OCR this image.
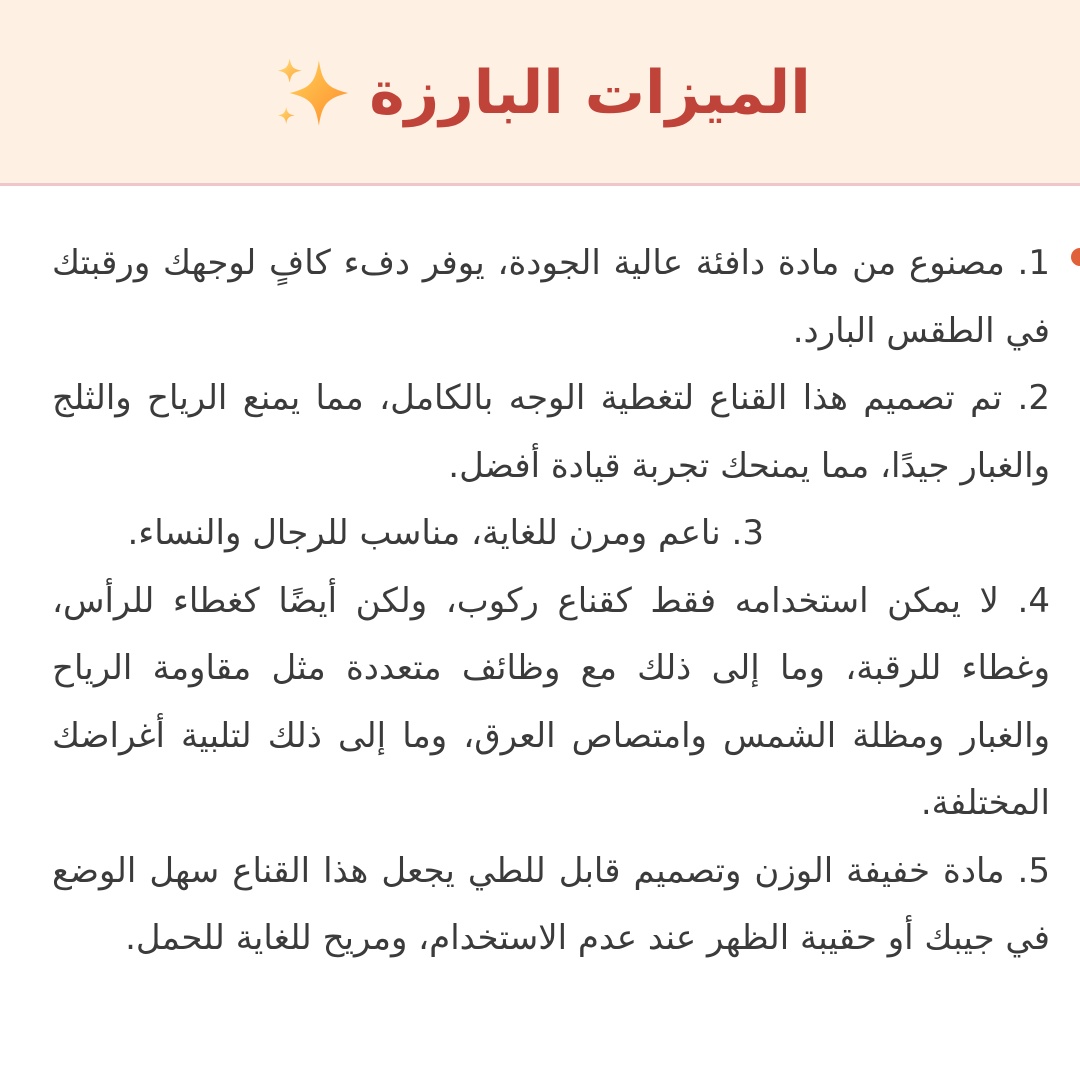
الميزات البارزة

1. مصنوع من مادة دافئة عالية الجودة، يوفر دفء كافٍ لوجهك ورقبتك في الطقس البارد.

2. تم تصميم هذا القناع لتغطية الوجه بالكامل، مما يمنع الرياح والثلج والغبار جيدًا، مما يمنحك تجربة قيادة أفضل.

3. ناعم ومرن للغاية، مناسب للرجال والنساء.

4. لا يمكن استخدامه فقط كقناع ركوب، ولكن أيضًا كغطاء للرأس، وغطاء للرقبة، وما إلى ذلك مع وظائف متعددة مثل مقاومة الرياح والغبار ومظلة الشمس وامتصاص العرق، وما إلى ذلك لتلبية أغراضك المختلفة.

5. مادة خفيفة الوزن وتصميم قابل للطي يجعل هذا القناع سهل الوضع في جيبك أو حقيبة الظهر عند عدم الاستخدام، ومريح للغاية للحمل.
